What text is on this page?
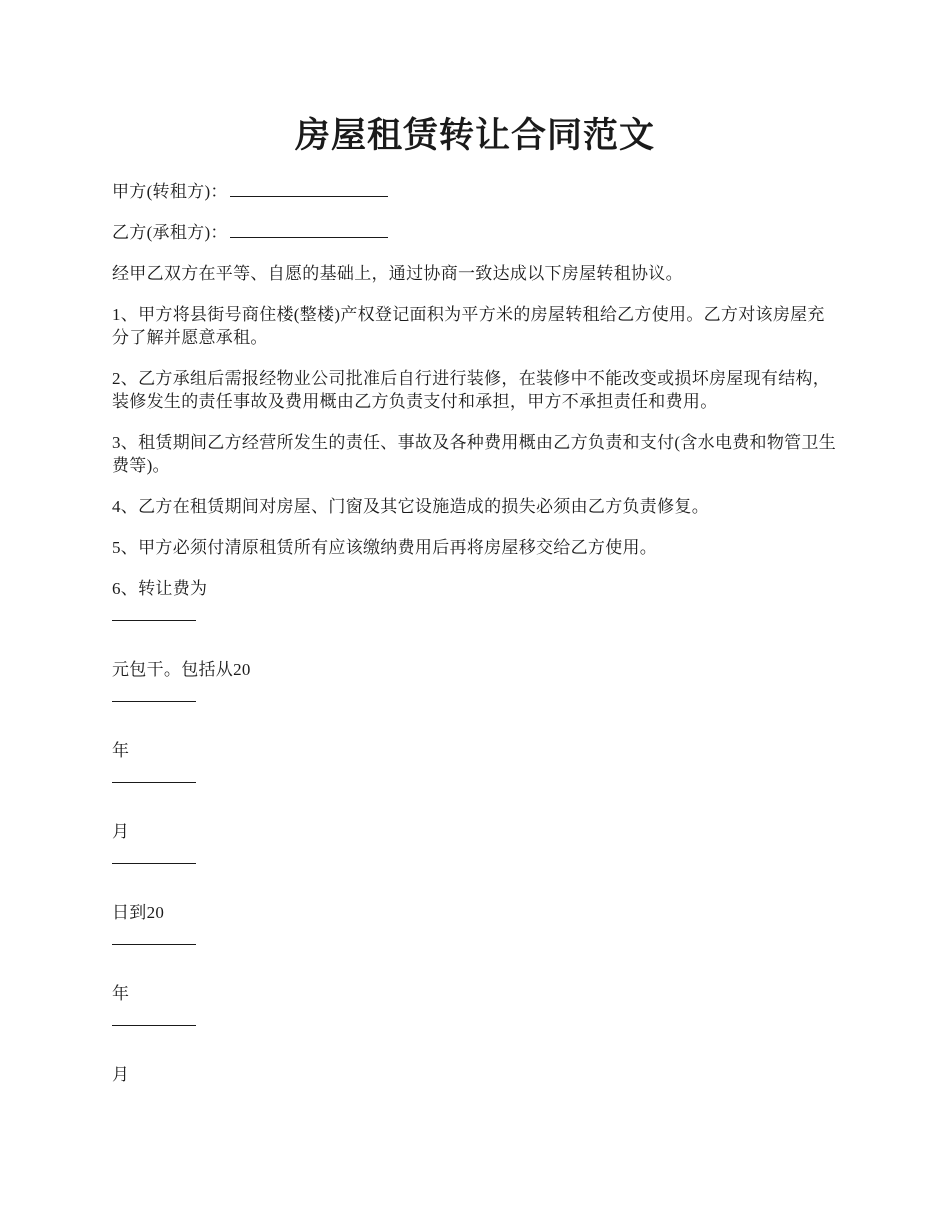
房屋租赁转让合同范文

甲方(转租方)：

乙方(承租方)：

经甲乙双方在平等、自愿的基础上，通过协商一致达成以下房屋转租协议。

1、甲方将县街号商住楼(整楼)产权登记面积为平方米的房屋转租给乙方使用。乙方对该房屋充分了解并愿意承租。

2、乙方承组后需报经物业公司批准后自行进行装修，在装修中不能改变或损坏房屋现有结构，装修发生的责任事故及费用概由乙方负责支付和承担，甲方不承担责任和费用。

3、租赁期间乙方经营所发生的责任、事故及各种费用概由乙方负责和支付(含水电费和物管卫生费等)。

4、乙方在租赁期间对房屋、门窗及其它设施造成的损失必须由乙方负责修复。

5、甲方必须付清原租赁所有应该缴纳费用后再将房屋移交给乙方使用。

6、转让费为

元包干。包括从20

年

月

日到20

年

月
